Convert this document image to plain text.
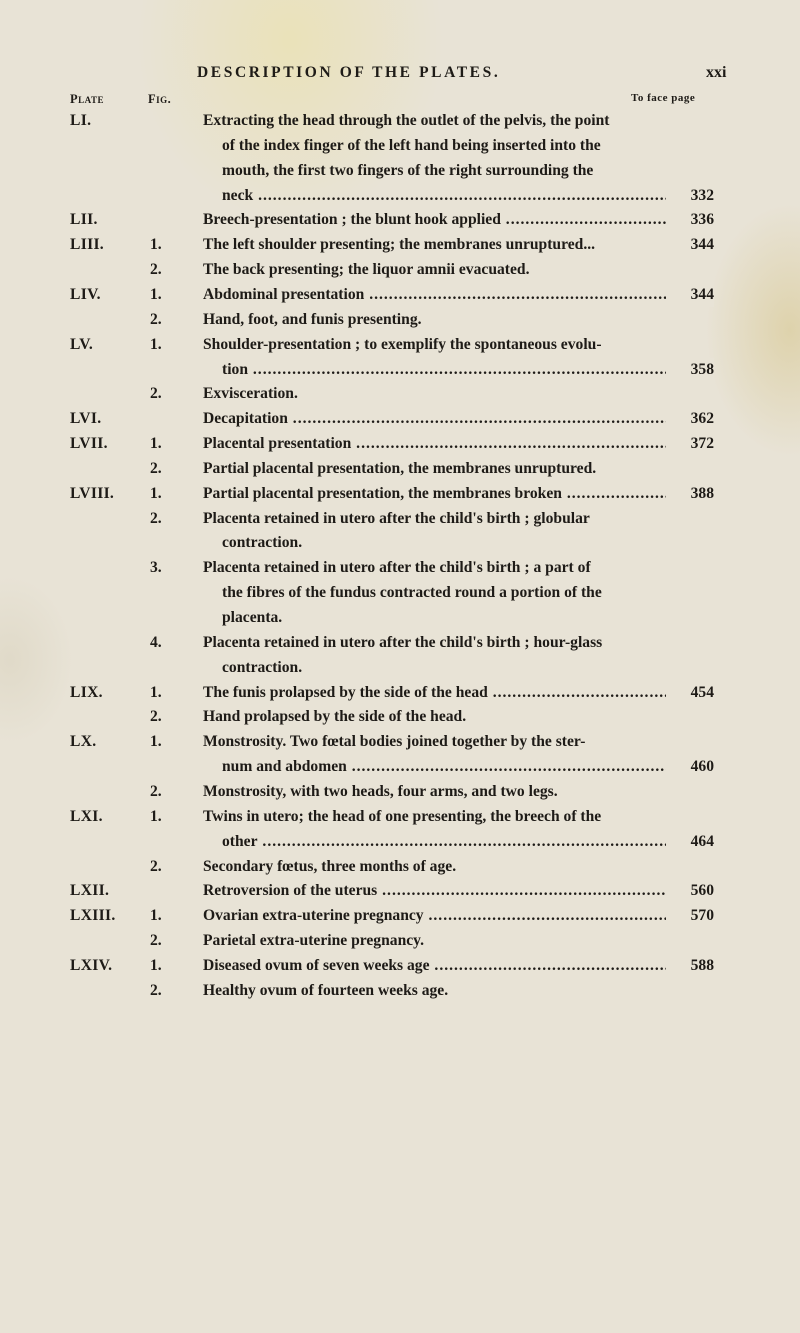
DESCRIPTION OF THE PLATES.	xxi
Plate	Fig.	To face page
LI.	Extracting the head through the outlet of the pelvis, the point
of the index finger of the left hand being inserted into the
mouth, the first two fingers of the right surrounding the
neck .....	332
LII.	Breech-presentation ; the blunt hook applied .....	336
LIII.	1.	The left shoulder presenting; the membranes unruptured...	344
2.	The back presenting; the liquor amnii evacuated.
LIV.	1.	Abdominal presentation .....	344
2.	Hand, foot, and funis presenting.
LV.	1.	Shoulder-presentation ; to exemplify the spontaneous evolu-
tion .....	358
2.	Exvisceration.
LVI.	Decapitation .....	362
LVII.	1.	Placental presentation .....	372
2.	Partial placental presentation, the membranes unruptured.
LVIII. 1.	Partial placental presentation, the membranes broken .....	388
2.	Placenta retained in utero after the child's birth ; globular
contraction.
3.	Placenta retained in utero after the child's birth ; a part of
the fibres of the fundus contracted round a portion of the
placenta.
4.	Placenta retained in utero after the child's birth ; hour-glass
contraction.
LIX.	1.	The funis prolapsed by the side of the head .....	454
2.	Hand prolapsed by the side of the head.
LX.	1.	Monstrosity. Two fœtal bodies joined together by the ster-
num and abdomen .....	460
2.	Monstrosity, with two heads, four arms, and two legs.
LXI.	1.	Twins in utero; the head of one presenting, the breech of the
other .....	464
2.	Secondary fœtus, three months of age.
LXII.	Retroversion of the uterus .....	560
LXIII. 1.	Ovarian extra-uterine pregnancy .....	570
2.	Parietal extra-uterine pregnancy.
LXIV. 1.	Diseased ovum of seven weeks age .....	588
2.	Healthy ovum of fourteen weeks age.
